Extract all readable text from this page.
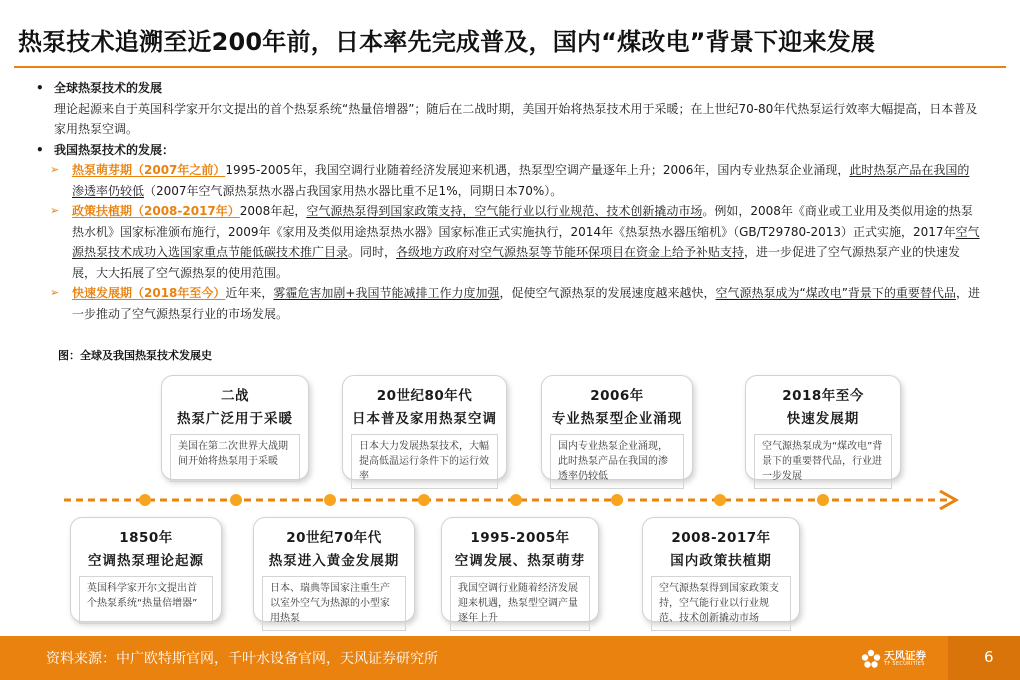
热泵技术追溯至近200年前，日本率先完成普及，国内“煤改电”背景下迎来发展
• 全球热泵技术的发展
理论起源来自于英国科学家开尔文提出的首个热泵系统“热量倍增器”；随后在二战时期，美国开始将热泵技术用于采暖；在上世纪70-80年代热泵运行效率大幅提高，日本普及家用热泵空调。
• 我国热泵技术的发展：
➢ 热泵萌芽期（2007年之前）1995-2005年，我国空调行业随着经济发展迎来机遇，热泵型空调产量逐年上升；2006年，国内专业热泵企业涌现，此时热泵产品在我国的渗透率仍较低（2007年空气源热泵热水器占我国家用热水器比重不足1%，同期日本70%）。
➢ 政策扶植期（2008-2017年）2008年起，空气源热泵得到国家政策支持，空气能行业以行业规范、技术创新撬动市场。例如，2008年《商业或工业用及类似用途的热泵热水机》国家标准颁布施行，2009年《家用及类似用途热泵热水器》国家标准正式实施执行，2014年《热泵热水器压缩机》（GB/T29780-2013）正式实施，2017年空气源热泵技术成功入选国家重点节能低碳技术推广目录。同时，各级地方政府对空气源热泵等节能环保项目在资金上给予补贴支持，进一步促进了空气源热泵产业的快速发展，大大拓展了空气源热泵的使用范围。
➢ 快速发展期（2018年至今）近年来，雾霾危害加剧+我国节能减排工作力度加强，促使空气源热泵的发展速度越来越快，空气源热泵成为“煤改电”背景下的重要替代品，进一步推动了空气源热泵行业的市场发展。
图：全球及我国热泵技术发展史
二战
热泵广泛用于采暖
美国在第二次世界大战期间开始将热泵用于采暖
20世纪80年代
日本普及家用热泵空调
日本大力发展热泵技术，大幅提高低温运行条件下的运行效率
2006年
专业热泵型企业涌现
国内专业热泵企业涌现，此时热泵产品在我国的渗透率仍较低
2018年至今
快速发展期
空气源热泵成为“煤改电”背景下的重要替代品，行业进一步发展
1850年
空调热泵理论起源
英国科学家开尔文提出首个热泵系统“热量倍增器”
20世纪70年代
热泵进入黄金发展期
日本、瑞典等国家注重生产以室外空气为热源的小型家用热泵
1995-2005年
空调发展、热泵萌芽
我国空调行业随着经济发展迎来机遇，热泵型空调产量逐年上升
2008-2017年
国内政策扶植期
空气源热泵得到国家政策支持，空气能行业以行业规范、技术创新撬动市场
资料来源：中广欧特斯官网，千叶水设备官网，天风证券研究所	天风证券
TF SECURITIES	6
